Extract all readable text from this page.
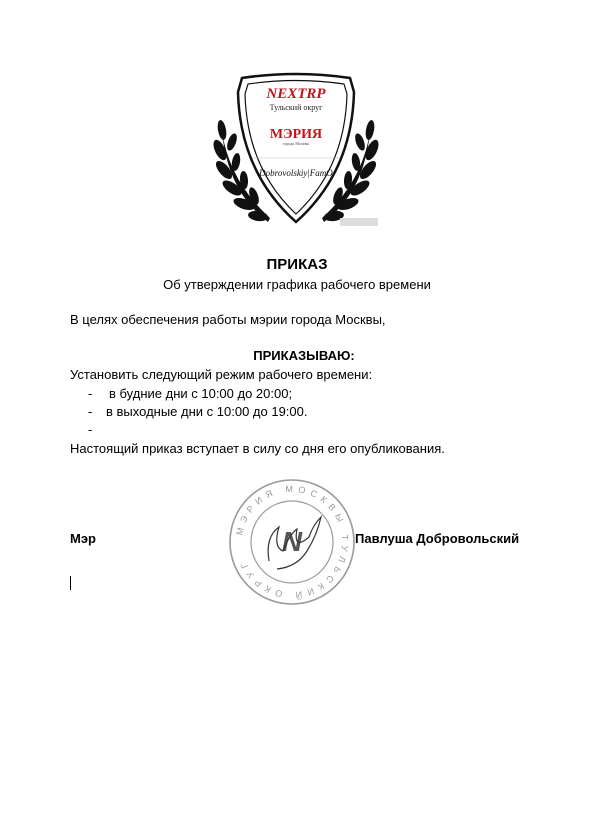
NEXTRP
Тульский округ
МЭРИЯ
города Москвы
Dobrovolskiy|FamO
ПРИКАЗ
Об утверждении графика рабочего времени
В целях обеспечения работы мэрии города Москвы,
ПРИКАЗЫВАЮ:
Установить следующий режим рабочего времени:
- в будние дни с 10:00 до 20:00;
- в выходные дни с 10:00 до 19:00.
-
Настоящий приказ вступает в силу со дня его опубликования.
МЭРИЯ МОСКВЫ ТУЛЬСКИЙ ОКРУГ
N
Мэр	Павлуша Добровольский
